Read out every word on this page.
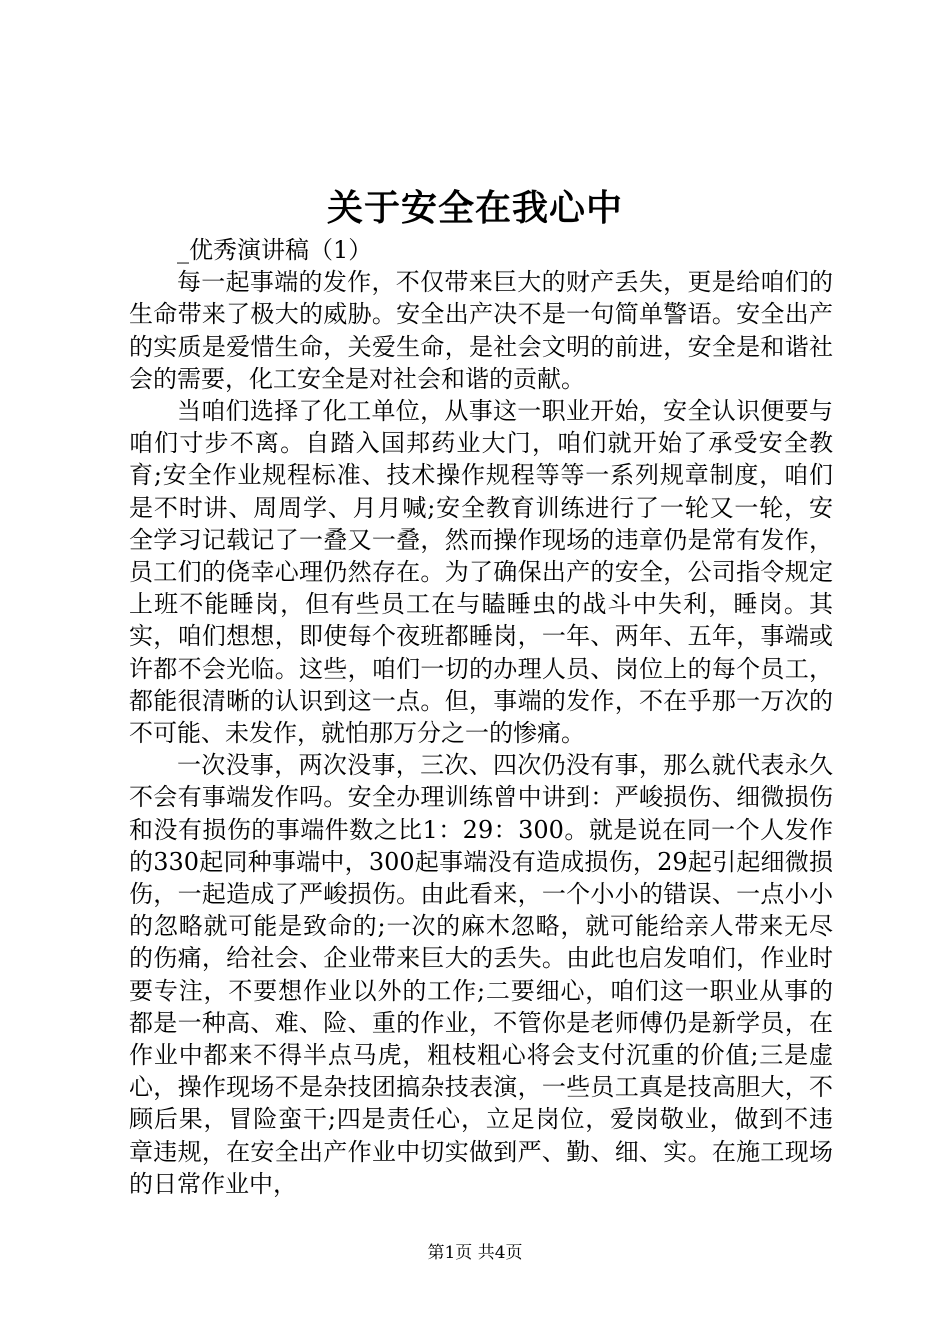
关于安全在我心中

_优秀演讲稿（1）

每一起事端的发作，不仅带来巨大的财产丢失，更是给咱们的生命带来了极大的威胁。安全出产决不是一句简单警语。安全出产的实质是爱惜生命，关爱生命，是社会文明的前进，安全是和谐社会的需要，化工安全是对社会和谐的贡献。

当咱们选择了化工单位，从事这一职业开始，安全认识便要与咱们寸步不离。自踏入国邦药业大门，咱们就开始了承受安全教育;安全作业规程标准、技术操作规程等等一系列规章制度，咱们是不时讲、周周学、月月喊;安全教育训练进行了一轮又一轮，安全学习记载记了一叠又一叠，然而操作现场的违章仍是常有发作，员工们的侥幸心理仍然存在。为了确保出产的安全，公司指令规定上班不能睡岗，但有些员工在与瞌睡虫的战斗中失利，睡岗。其实，咱们想想，即使每个夜班都睡岗，一年、两年、五年，事端或许都不会光临。这些，咱们一切的办理人员、岗位上的每个员工，都能很清晰的认识到这一点。但，事端的发作，不在乎那一万次的不可能、未发作，就怕那万分之一的惨痛。

一次没事，两次没事，三次、四次仍没有事，那么就代表永久不会有事端发作吗。安全办理训练曾中讲到：严峻损伤、细微损伤和没有损伤的事端件数之比1：29：300。就是说在同一个人发作的330起同种事端中，300起事端没有造成损伤，29起引起细微损伤，一起造成了严峻损伤。由此看来，一个小小的错误、一点小小的忽略就可能是致命的;一次的麻木忽略，就可能给亲人带来无尽的伤痛，给社会、企业带来巨大的丢失。由此也启发咱们，作业时要专注，不要想作业以外的工作;二要细心，咱们这一职业从事的都是一种高、难、险、重的作业，不管你是老师傅仍是新学员，在作业中都来不得半点马虎，粗枝粗心将会支付沉重的价值;三是虚心，操作现场不是杂技团搞杂技表演，一些员工真是技高胆大，不顾后果，冒险蛮干;四是责任心，立足岗位，爱岗敬业，做到不违章违规，在安全出产作业中切实做到严、勤、细、实。在施工现场的日常作业中，

第1页 共4页
